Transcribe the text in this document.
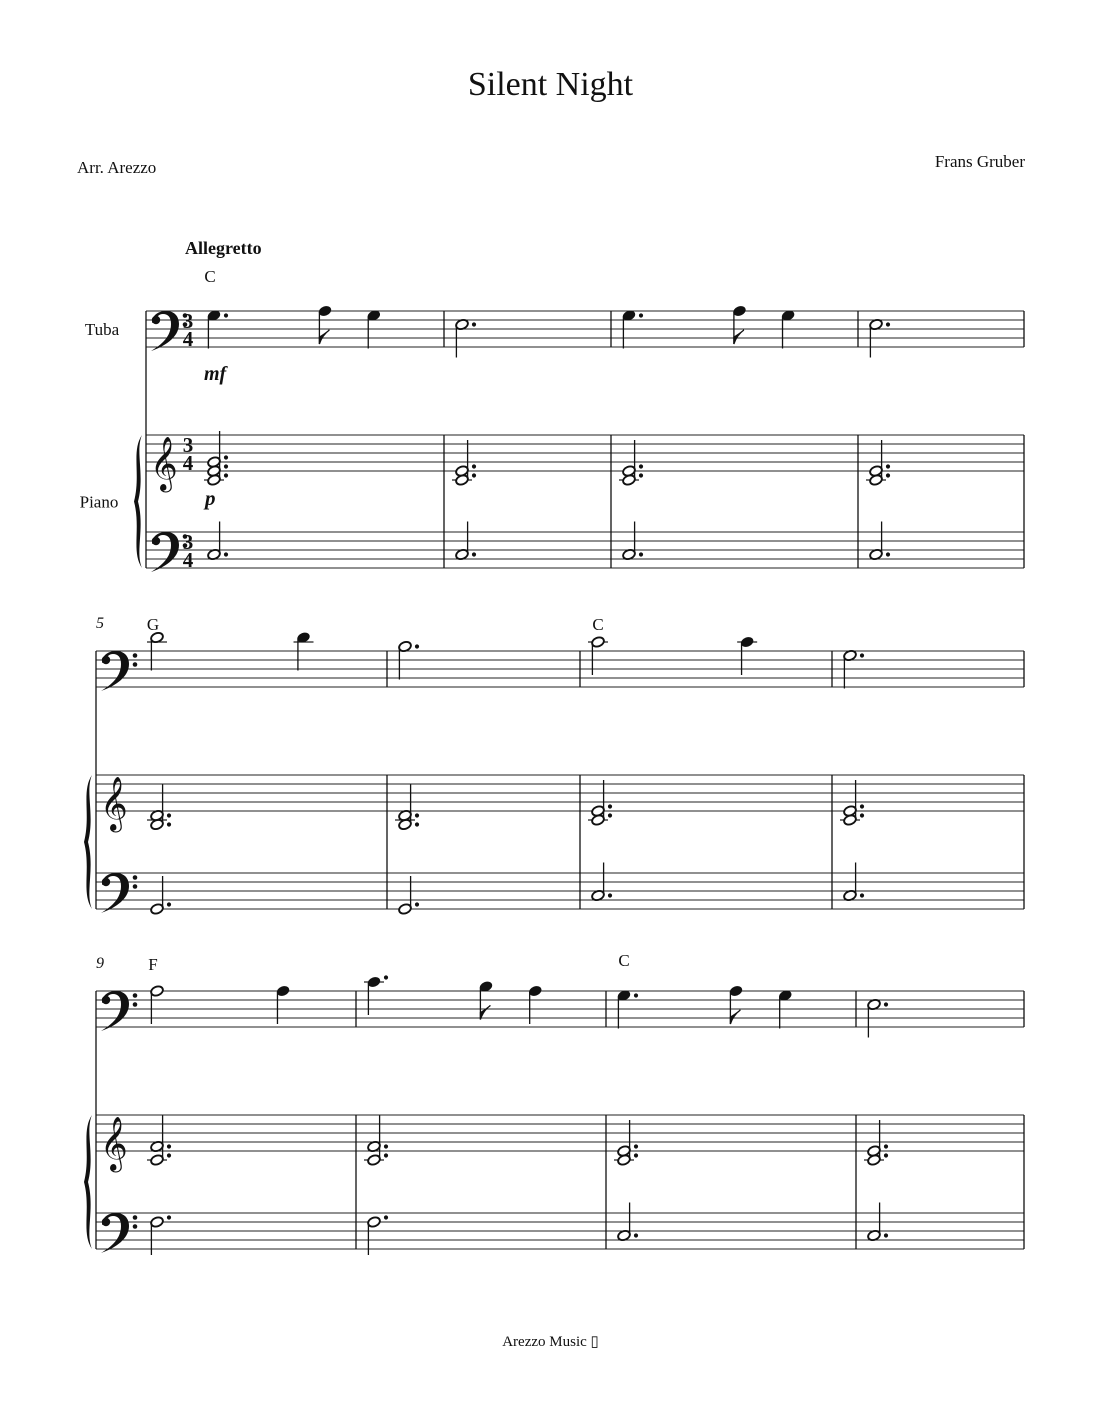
Silent Night
Arr. Arezzo	Frans Gruber
𝄞
3
4
3
4
3
4
Tuba
Piano
Allegretto
mf
p
C
𝄞
5	G	C
𝄞
9	F	C
Arezzo Music ▯
